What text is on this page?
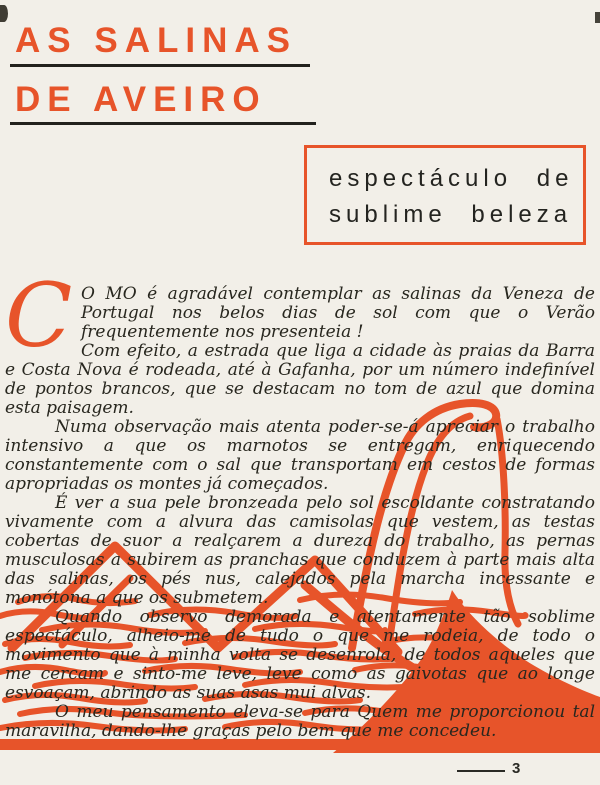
AS SALINAS
DE AVEIRO
espectáculo de
sublime beleza

C O MO é agradável contemplar as salinas da Veneza de Portugal nos belos dias de sol com que o Verão frequentemente nos presenteia !

Com efeito, a estrada que liga a cidade às praias da Barra e Costa Nova é rodeada, até à Gafanha, por um número indefinível de pontos brancos, que se destacam no tom de azul que domina esta paisagem.

Numa observação mais atenta poder-se-á apreciar o trabalho intensivo a que os marnotos se entregam, enriquecendo constantemente com o sal que transportam em cestos de formas apropriadas os montes já começados.

É ver a sua pele bronzeada pelo sol escoldante constratando vivamente com a alvura das camisolas que vestem, as testas cobertas de suor a realçarem a dureza do trabalho, as pernas musculosas a subirem as pranchas que conduzem à parte mais alta das salinas, os pés nus, calejados pela marcha incessante e monótona a que os submetem.

Quando observo demorada e atentamente tão soblime espectáculo, alheio-me de tudo o que me rodeia, de todo o movimento que à minha volta se desenrola, de todos aqueles que me cercam e sinto-me leve, leve como as gaivotas que ao longe esvoaçam, abrindo as suas asas mui alvas.

O meu pensamento eleva-se para Quem me proporcionou tal maravilha, dando-lhe graças pelo bem que me concedeu.

3
